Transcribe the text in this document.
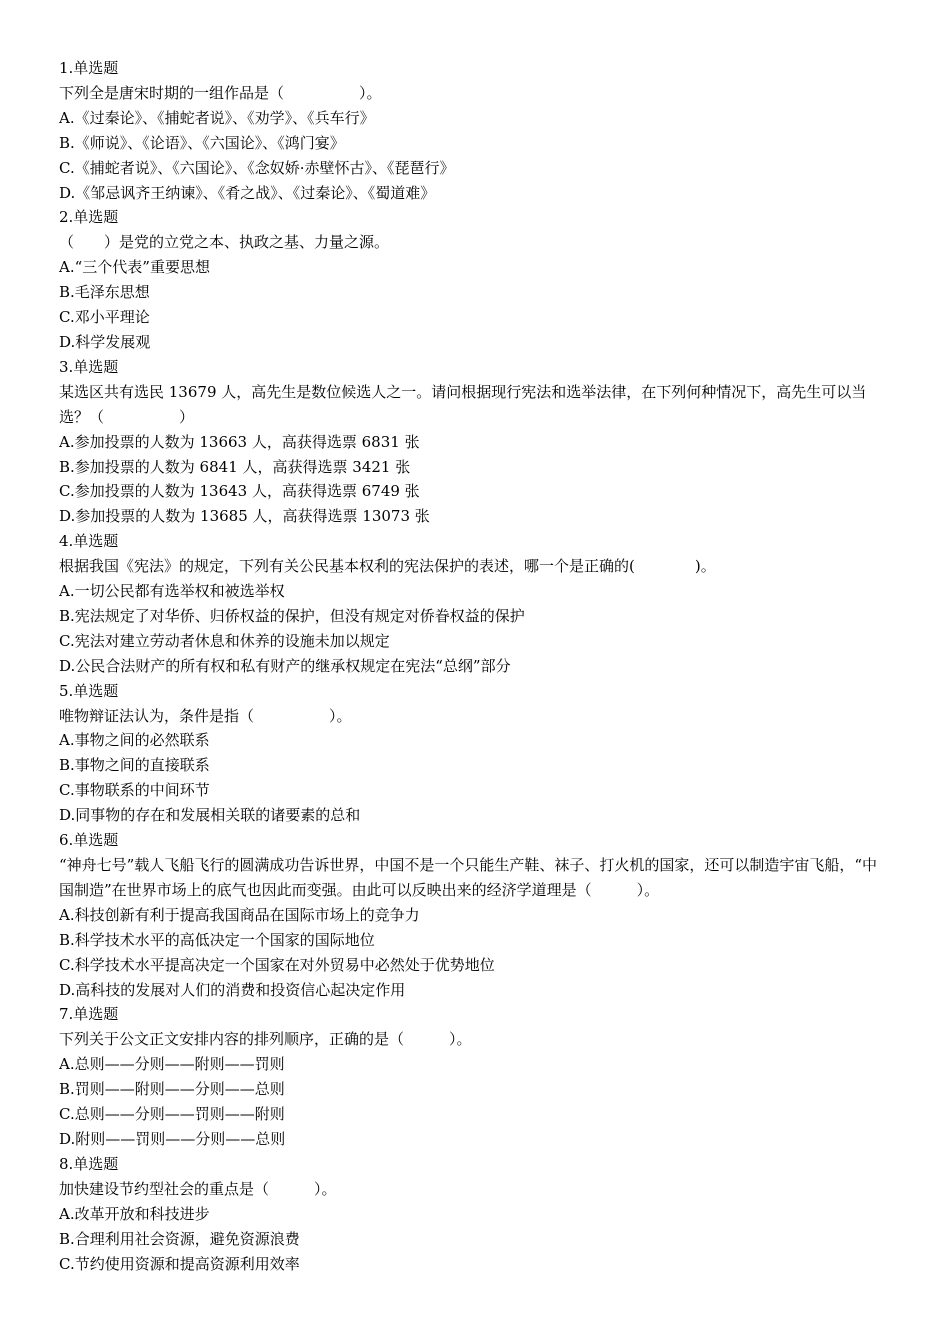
1.单选题
下列全是唐宋时期的一组作品是（　　　　　）。
A.《过秦论》、《捕蛇者说》、《劝学》、《兵车行》
B.《师说》、《论语》、《六国论》、《鸿门宴》
C.《捕蛇者说》、《六国论》、《念奴娇·赤壁怀古》、《琵琶行》
D.《邹忌讽齐王纳谏》、《肴之战》、《过秦论》、《蜀道难》
2.单选题
（　　）是党的立党之本、执政之基、力量之源。
A.“三个代表”重要思想
B.毛泽东思想
C.邓小平理论
D.科学发展观
3.单选题
某选区共有选民 13679 人，高先生是数位候选人之一。请问根据现行宪法和选举法律，在下列何种情况下，高先生可以当选？（　　　　　）
A.参加投票的人数为 13663 人，高获得选票 6831 张
B.参加投票的人数为 6841 人，高获得选票 3421 张
C.参加投票的人数为 13643 人，高获得选票 6749 张
D.参加投票的人数为 13685 人，高获得选票 13073 张
4.单选题
根据我国《宪法》的规定，下列有关公民基本权利的宪法保护的表述，哪一个是正确的(　　　　)。
A.一切公民都有选举权和被选举权
B.宪法规定了对华侨、归侨权益的保护，但没有规定对侨眷权益的保护
C.宪法对建立劳动者休息和休养的设施未加以规定
D.公民合法财产的所有权和私有财产的继承权规定在宪法“总纲”部分
5.单选题
唯物辩证法认为，条件是指（　　　　　）。
A.事物之间的必然联系
B.事物之间的直接联系
C.事物联系的中间环节
D.同事物的存在和发展相关联的诸要素的总和
6.单选题
“神舟七号”载人飞船飞行的圆满成功告诉世界，中国不是一个只能生产鞋、袜子、打火机的国家，还可以制造宇宙飞船，“中国制造”在世界市场上的底气也因此而变强。由此可以反映出来的经济学道理是（　　　）。
A.科技创新有利于提高我国商品在国际市场上的竞争力
B.科学技术水平的高低决定一个国家的国际地位
C.科学技术水平提高决定一个国家在对外贸易中必然处于优势地位
D.高科技的发展对人们的消费和投资信心起决定作用
7.单选题
下列关于公文正文安排内容的排列顺序，正确的是（　　　）。
A.总则——分则——附则——罚则
B.罚则——附则——分则——总则
C.总则——分则——罚则——附则
D.附则——罚则——分则——总则
8.单选题
加快建设节约型社会的重点是（　　　）。
A.改革开放和科技进步
B.合理利用社会资源，避免资源浪费
C.节约使用资源和提高资源利用效率
